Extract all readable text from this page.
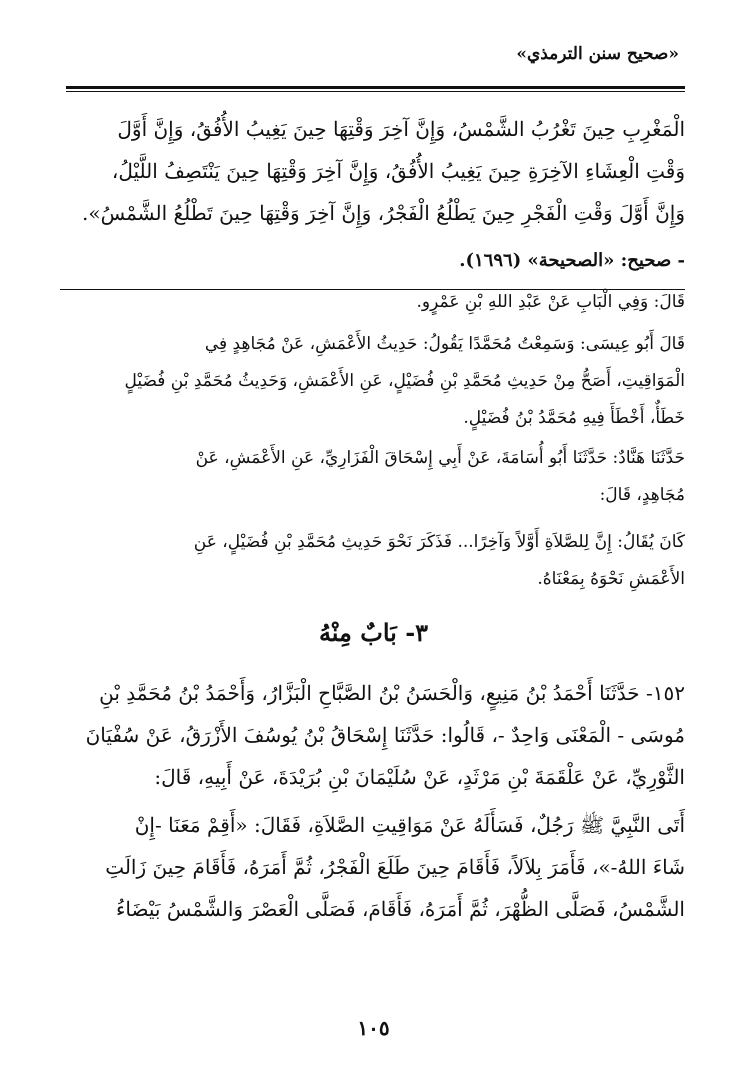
«صحيح سنن الترمذي»
الْمَغْرِبِ حِينَ تَغْرُبُ الشَّمْسُ، وَإِنَّ آخِرَ وَقْتِهَا حِينَ يَغِيبُ الأُفُقُ، وَإِنَّ أَوَّلَ
وَقْتِ الْعِشَاءِ الآخِرَةِ حِينَ يَغِيبُ الأُفُقُ، وَإِنَّ آخِرَ وَقْتِهَا حِينَ يَنْتَصِفُ اللَّيْلُ،
وَإِنَّ أَوَّلَ وَقْتِ الْفَجْرِ حِينَ يَطْلُعُ الْفَجْرُ، وَإِنَّ آخِرَ وَقْتِهَا حِينَ تَطْلُعُ الشَّمْسُ».
- صحيح: «الصحيحة» (١٦٩٦).
قَالَ: وَفِي الْبَابِ عَنْ عَبْدِ اللهِ بْنِ عَمْرٍو.
قَالَ أَبُو عِيسَى: وَسَمِعْتُ مُحَمَّدًا يَقُولُ: حَدِيثُ الأَعْمَشِ، عَنْ مُجَاهِدٍ فِي
الْمَوَاقِيتِ، أَصَحُّ مِنْ حَدِيثِ مُحَمَّدِ بْنِ فُضَيْلٍ، عَنِ الأَعْمَشِ، وَحَدِيثُ مُحَمَّدِ بْنِ فُضَيْلٍ
خَطَأٌ، أَخْطَأَ فِيهِ مُحَمَّدُ بْنُ فُضَيْلٍ.
حَدَّثَنَا هَنَّادٌ: حَدَّثَنَا أَبُو أُسَامَةَ، عَنْ أَبِي إِسْحَاقَ الْفَزَارِيِّ، عَنِ الأَعْمَشِ، عَنْ
مُجَاهِدٍ، قَالَ:
كَانَ يُقَالُ: إِنَّ لِلصَّلاَةِ أَوَّلاً وَآخِرًا... فَذَكَرَ نَحْوَ حَدِيثِ مُحَمَّدِ بْنِ فُضَيْلٍ، عَنِ
الأَعْمَشِ نَحْوَهُ بِمَعْنَاهُ.
٣- بَابٌ مِنْهُ
١٥٢- حَدَّثَنَا أَحْمَدُ بْنُ مَنِيعٍ، وَالْحَسَنُ بْنُ الصَّبَّاحِ الْبَزَّارُ، وَأَحْمَدُ بْنُ مُحَمَّدِ بْنِ
مُوسَى - الْمَعْنَى وَاحِدٌ -، قَالُوا: حَدَّثَنَا إِسْحَاقُ بْنُ يُوسُفَ الأَزْرَقُ، عَنْ سُفْيَانَ
الثَّوْرِيِّ، عَنْ عَلْقَمَةَ بْنِ مَرْثَدٍ، عَنْ سُلَيْمَانَ بْنِ بُرَيْدَةَ، عَنْ أَبِيهِ، قَالَ:
أَتَى النَّبِيَّ ﷺ رَجُلٌ، فَسَأَلَهُ عَنْ مَوَاقِيتِ الصَّلاَةِ، فَقَالَ: «أَقِمْ مَعَنَا -إِنْ
شَاءَ اللهُ-»، فَأَمَرَ بِلاَلاً، فَأَقَامَ حِينَ طَلَعَ الْفَجْرُ، ثُمَّ أَمَرَهُ، فَأَقَامَ حِينَ زَالَتِ
الشَّمْسُ، فَصَلَّى الظُّهْرَ، ثُمَّ أَمَرَهُ، فَأَقَامَ، فَصَلَّى الْعَصْرَ وَالشَّمْسُ بَيْضَاءُ
١٠٥
